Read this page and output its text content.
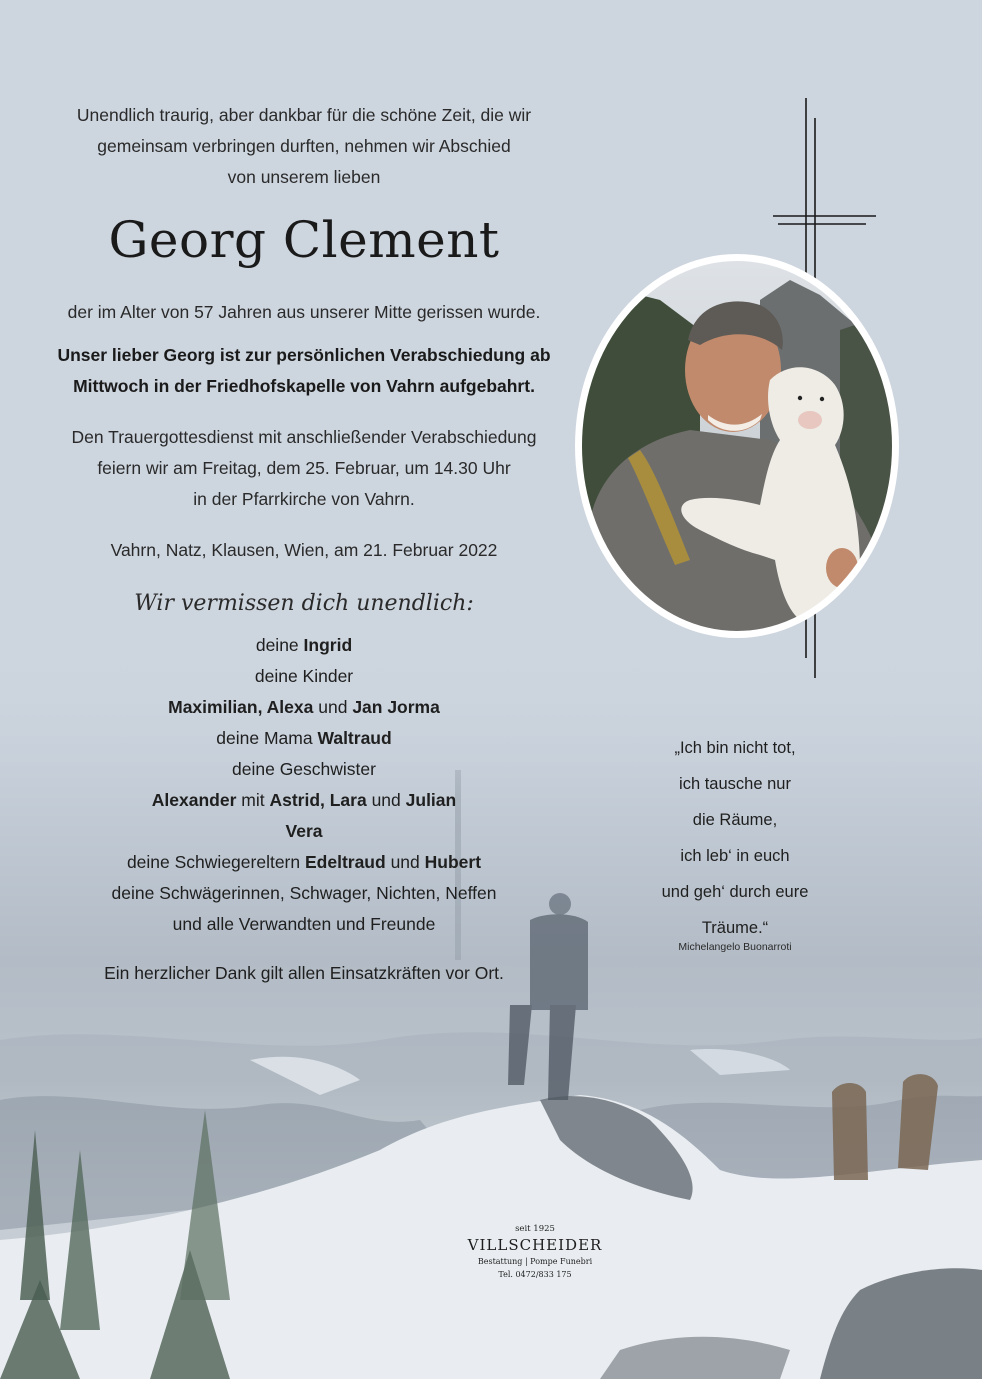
Unendlich traurig, aber dankbar für die schöne Zeit, die wir
gemeinsam verbringen durften, nehmen wir Abschied
von unserem lieben
Georg Clement
der im Alter von 57 Jahren aus unserer Mitte gerissen wurde.
Unser lieber Georg ist zur persönlichen Verabschiedung ab
Mittwoch in der Friedhofskapelle von Vahrn aufgebahrt.
Den Trauergottesdienst mit anschließender Verabschiedung
feiern wir am Freitag, dem 25. Februar, um 14.30 Uhr
in der Pfarrkirche von Vahrn.
Vahrn, Natz, Klausen, Wien, am 21. Februar 2022
Wir vermissen dich unendlich:
deine Ingrid
deine Kinder
Maximilian, Alexa und Jan Jorma
deine Mama Waltraud
deine Geschwister
Alexander mit Astrid, Lara und Julian
Vera
deine Schwiegereltern Edeltraud und Hubert
deine Schwägerinnen, Schwager, Nichten, Neffen
und alle Verwandten und Freunde
Ein herzlicher Dank gilt allen Einsatzkräften vor Ort.
„Ich bin nicht tot,
ich tausche nur
die Räume,
ich leb‘ in euch
und geh‘ durch eure
Träume.“
Michelangelo Buonarroti
seit 1925
VILLSCHEIDER
Bestattung | Pompe Funebri
Tel. 0472/833 175
